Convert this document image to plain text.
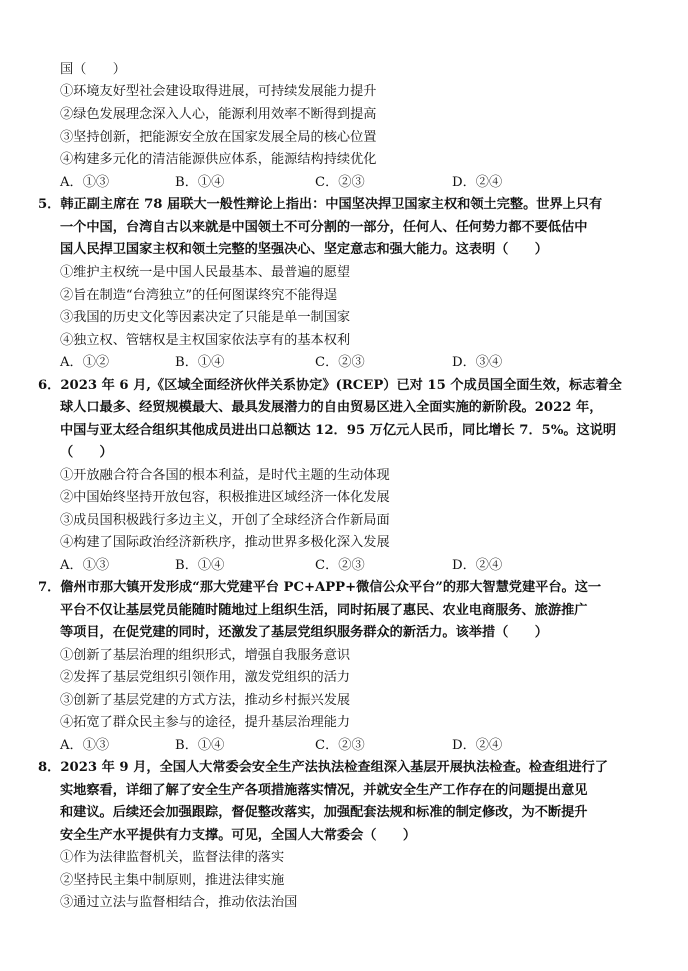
国（　　）
①环境友好型社会建设取得进展，可持续发展能力提升
②绿色发展理念深入人心，能源利用效率不断得到提高
③坚持创新，把能源安全放在国家发展全局的核心位置
④构建多元化的清洁能源供应体系，能源结构持续优化
A．①③	B．①④	C．②③	D．②④
5．韩正副主席在 78 届联大一般性辩论上指出：中国坚决捍卫国家主权和领土完整。世界上只有
一个中国，台湾自古以来就是中国领土不可分割的一部分，任何人、任何势力都不要低估中
国人民捍卫国家主权和领土完整的坚强决心、坚定意志和强大能力。这表明（　　）
①维护主权统一是中国人民最基本、最普遍的愿望
②旨在制造“台湾独立”的任何图谋终究不能得逞
③我国的历史文化等因素决定了只能是单一制国家
④独立权、管辖权是主权国家依法享有的基本权利
A．①②	B．①④	C．②③	D．③④
6．2023 年 6 月,《区域全面经济伙伴关系协定》(RCEP）已对 15 个成员国全面生效，标志着全
球人口最多、经贸规模最大、最具发展潜力的自由贸易区进入全面实施的新阶段。2022 年，
中国与亚太经合组织其他成员进出口总额达 12．95 万亿元人民币，同比增长 7．5%。这说明
（　　）
①开放融合符合各国的根本利益，是时代主题的生动体现
②中国始终坚持开放包容，积极推进区域经济一体化发展
③成员国积极践行多边主义，开创了全球经济合作新局面
④构建了国际政治经济新秩序，推动世界多极化深入发展
A．①③	B．①④	C．②③	D．②④
7．儋州市那大镇开发形成“那大党建平台 PC+APP+微信公众平台”的那大智慧党建平台。这一
平台不仅让基层党员能随时随地过上组织生活，同时拓展了惠民、农业电商服务、旅游推广
等项目，在促党建的同时，还激发了基层党组织服务群众的新活力。该举措（　　）
①创新了基层治理的组织形式，增强自我服务意识
②发挥了基层党组织引领作用，激发党组织的活力
③创新了基层党建的方式方法，推动乡村振兴发展
④拓宽了群众民主参与的途径，提升基层治理能力
A．①③	B．①④	C．②③	D．②④
8．2023 年 9 月，全国人大常委会安全生产法执法检查组深入基层开展执法检查。检查组进行了
实地察看，详细了解了安全生产各项措施落实情况，并就安全生产工作存在的问题提出意见
和建议。后续还会加强跟踪，督促整改落实，加强配套法规和标准的制定修改，为不断提升
安全生产水平提供有力支撑。可见，全国人大常委会（　　）
①作为法律监督机关，监督法律的落实
②坚持民主集中制原则，推进法律实施
③通过立法与监督相结合，推动依法治国
